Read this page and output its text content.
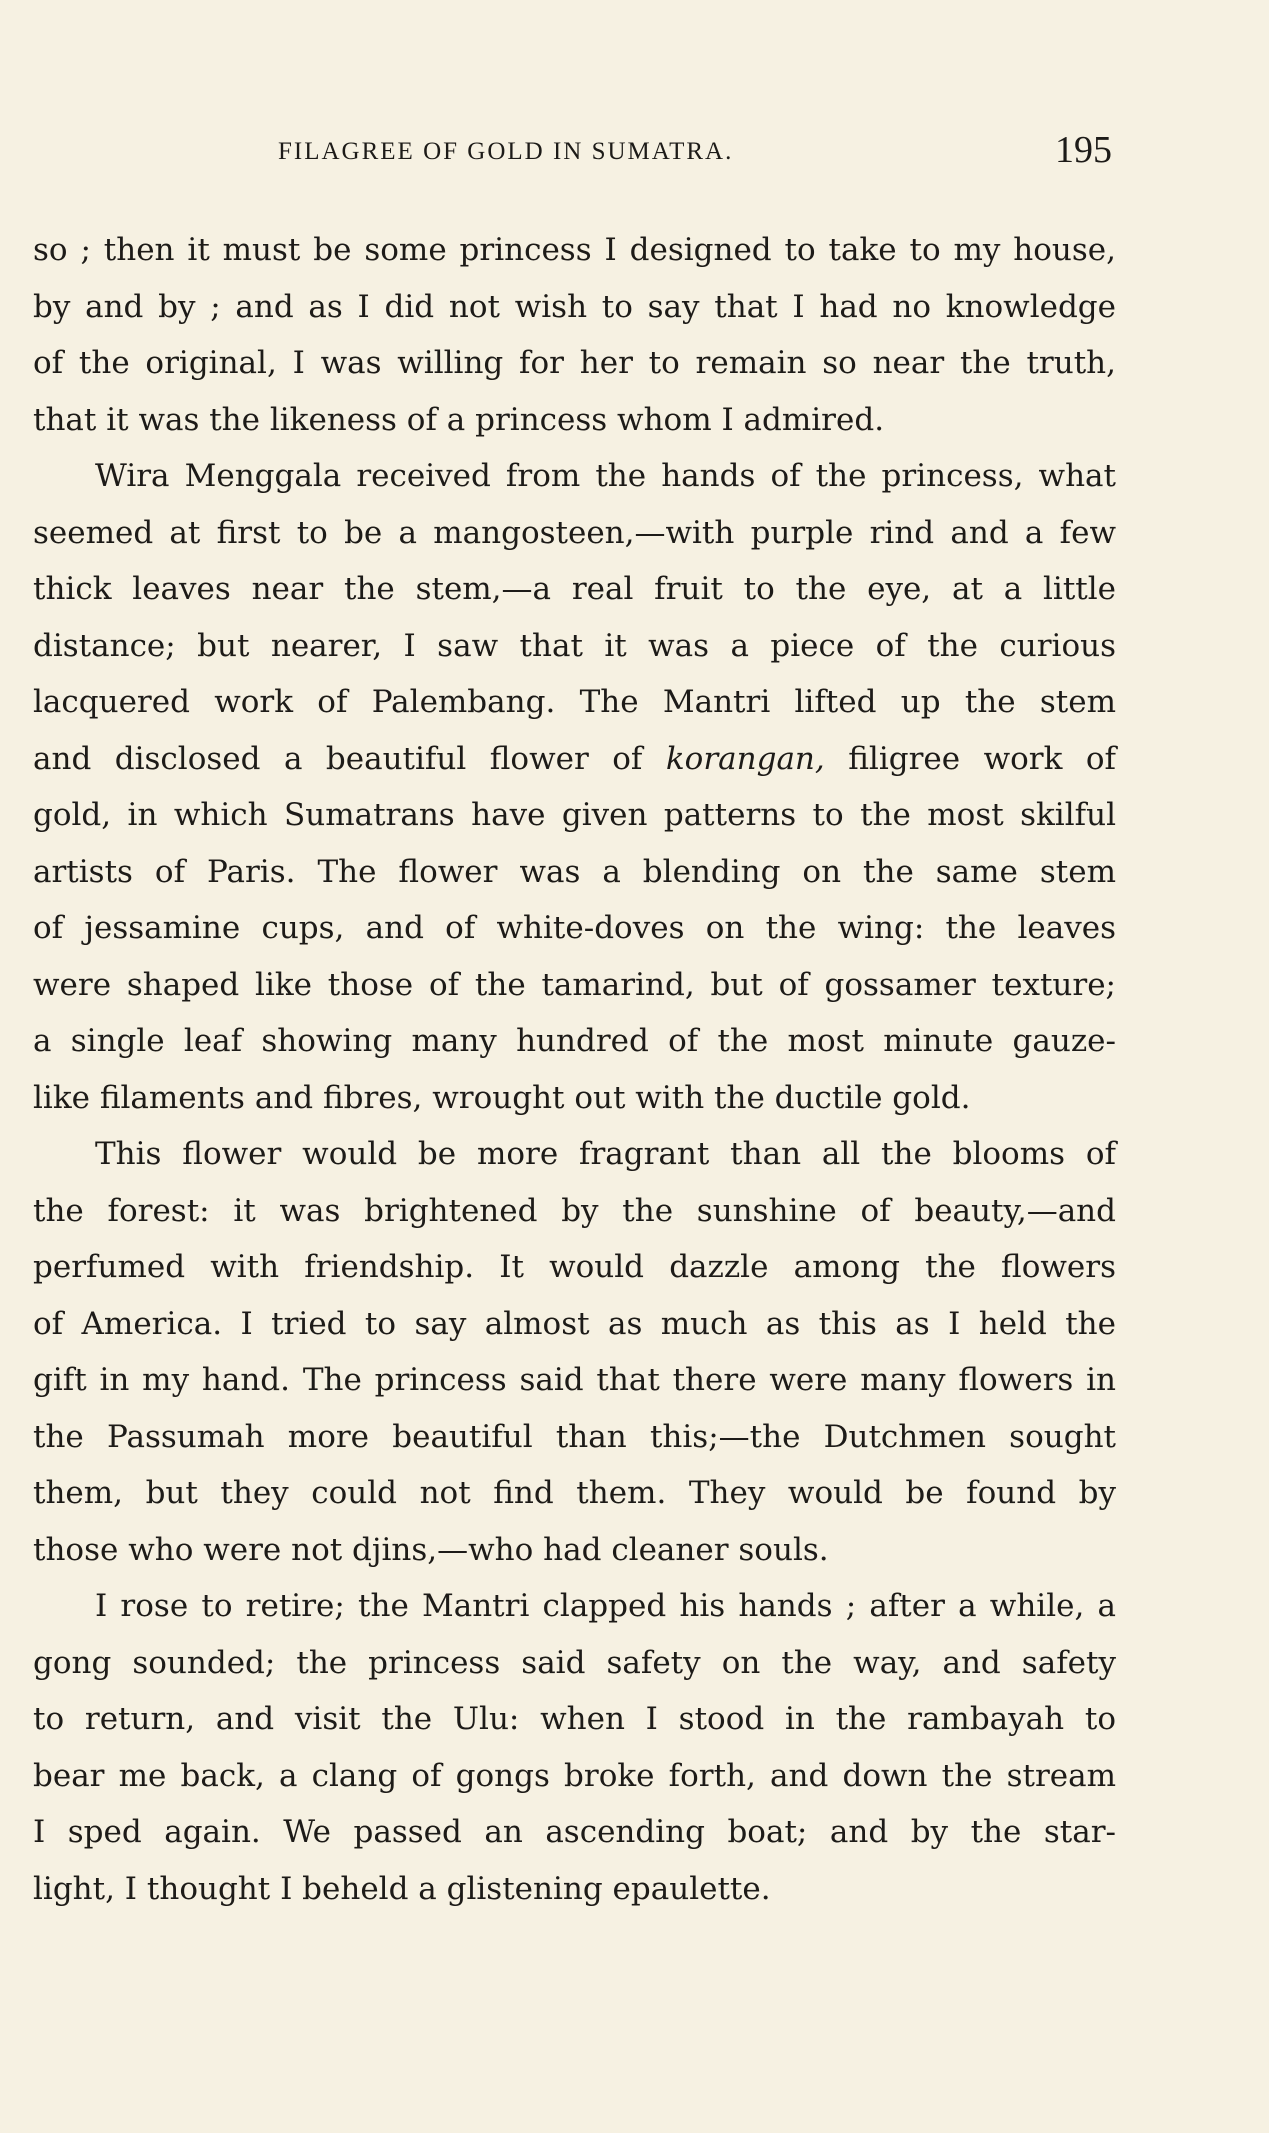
FILAGREE OF GOLD IN SUMATRA.	195
so ; then it must be some princess I designed to take to my house,
by and by ; and as I did not wish to say that I had no knowledge
of the original, I was willing for her to remain so near the truth,
that it was the likeness of a princess whom I admired.
Wira Menggala received from the hands of the princess, what
seemed at first to be a mangosteen,—with purple rind and a few
thick leaves near the stem,—a real fruit to the eye, at a little
distance; but nearer, I saw that it was a piece of the curious
lacquered work of Palembang. The Mantri lifted up the stem
and disclosed a beautiful flower of korangan, filigree work of
gold, in which Sumatrans have given patterns to the most skilful
artists of Paris. The flower was a blending on the same stem
of jessamine cups, and of white-doves on the wing: the leaves
were shaped like those of the tamarind, but of gossamer texture;
a single leaf showing many hundred of the most minute gauze-
like filaments and fibres, wrought out with the ductile gold.
This flower would be more fragrant than all the blooms of
the forest: it was brightened by the sunshine of beauty,—and
perfumed with friendship. It would dazzle among the flowers
of America. I tried to say almost as much as this as I held the
gift in my hand. The princess said that there were many flowers in
the Passumah more beautiful than this;—the Dutchmen sought
them, but they could not find them. They would be found by
those who were not djins,—who had cleaner souls.
I rose to retire; the Mantri clapped his hands ; after a while, a
gong sounded; the princess said safety on the way, and safety
to return, and visit the Ulu: when I stood in the rambayah to
bear me back, a clang of gongs broke forth, and down the stream
I sped again. We passed an ascending boat; and by the star-
light, I thought I beheld a glistening epaulette.
